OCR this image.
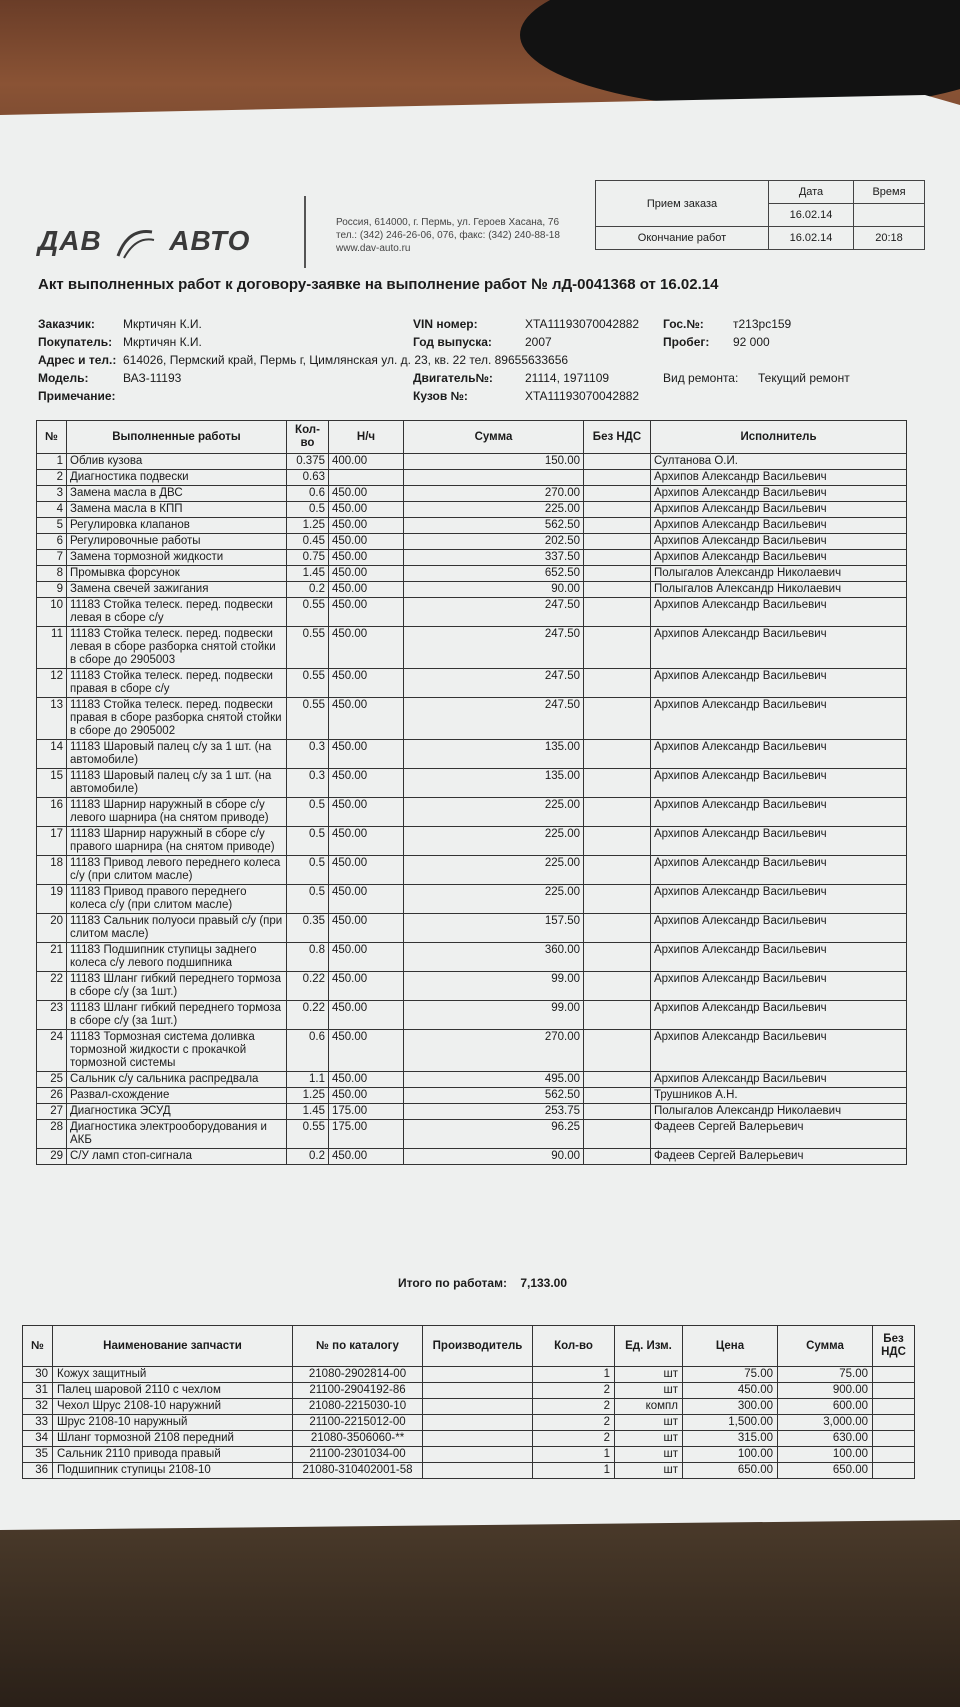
ДАВ АВТО
Россия, 614000, г. Пермь, ул. Героев Хасана, 76
тел.: (342) 246-26-06, 076, факс: (342) 240-88-18
www.dav-auto.ru
Прием заказа	Дата	Время
	16.02.14	
Окончание работ	16.02.14	20:18
Акт выполненных работ к договору-заявке на выполнение работ № лД-0041368 от 16.02.14
Заказчик: Мкртичян К.И.
Покупатель: Мкртичян К.И.
Адрес и тел.: 614026, Пермский край, Пермь г, Цимлянская ул. д. 23, кв. 22 тел. 89655633656
Модель:	ВАЗ-11193
Примечание:
VIN номер:	XTA11193070042882
Год выпуска:	2007
Двигатель№:	21114, 1971109
Кузов №:	XTA11193070042882
Гос.№: т213рс159
Пробег: 92 000
Вид ремонта: Текущий ремонт
№	Выполненные работы	Кол-во	Н/ч	Сумма	Без НДС	Исполнитель
1	Облив кузова	0.375	400.00	150.00		Султанова О.И.
2	Диагностика подвески	0.63				Архипов Александр Васильевич
3	Замена масла в ДВС	0.6	450.00	270.00		Архипов Александр Васильевич
4	Замена масла в КПП	0.5	450.00	225.00		Архипов Александр Васильевич
5	Регулировка клапанов	1.25	450.00	562.50		Архипов Александр Васильевич
6	Регулировочные работы	0.45	450.00	202.50		Архипов Александр Васильевич
7	Замена тормозной жидкости	0.75	450.00	337.50		Архипов Александр Васильевич
8	Промывка форсунок	1.45	450.00	652.50		Полыгалов Александр Николаевич
9	Замена свечей зажигания	0.2	450.00	90.00		Полыгалов Александр Николаевич
10	11183 Стойка телеск. перед. подвески левая в сборе с/у	0.55	450.00	247.50		Архипов Александр Васильевич
11	11183 Стойка телеск. перед. подвески левая в сборе разборка снятой стойки в сборе до 2905003	0.55	450.00	247.50		Архипов Александр Васильевич
12	11183 Стойка телеск. перед. подвески правая в сборе с/у	0.55	450.00	247.50		Архипов Александр Васильевич
13	11183 Стойка телеск. перед. подвески правая в сборе разборка снятой стойки в сборе до 2905002	0.55	450.00	247.50		Архипов Александр Васильевич
14	11183 Шаровый палец с/у за 1 шт. (на автомобиле)	0.3	450.00	135.00		Архипов Александр Васильевич
15	11183 Шаровый палец с/у за 1 шт. (на автомобиле)	0.3	450.00	135.00		Архипов Александр Васильевич
16	11183 Шарнир наружный в сборе с/у левого шарнира (на снятом приводе)	0.5	450.00	225.00		Архипов Александр Васильевич
17	11183 Шарнир наружный в сборе с/у правого шарнира (на снятом приводе)	0.5	450.00	225.00		Архипов Александр Васильевич
18	11183 Привод левого переднего колеса с/у (при слитом масле)	0.5	450.00	225.00		Архипов Александр Васильевич
19	11183 Привод правого переднего колеса с/у (при слитом масле)	0.5	450.00	225.00		Архипов Александр Васильевич
20	11183 Сальник полуоси правый с/у (при слитом масле)	0.35	450.00	157.50		Архипов Александр Васильевич
21	11183 Подшипник ступицы заднего колеса с/у левого подшипника	0.8	450.00	360.00		Архипов Александр Васильевич
22	11183 Шланг гибкий переднего тормоза в сборе с/у (за 1шт.)	0.22	450.00	99.00		Архипов Александр Васильевич
23	11183 Шланг гибкий переднего тормоза в сборе с/у (за 1шт.)	0.22	450.00	99.00		Архипов Александр Васильевич
24	11183 Тормозная система доливка тормозной жидкости с прокачкой тормозной системы	0.6	450.00	270.00		Архипов Александр Васильевич
25	Сальник с/у сальника распредвала	1.1	450.00	495.00		Архипов Александр Васильевич
26	Развал-схождение	1.25	450.00	562.50		Трушников А.Н.
27	Диагностика ЭСУД	1.45	175.00	253.75		Полыгалов Александр Николаевич
28	Диагностика электрооборудования и АКБ	0.55	175.00	96.25		Фадеев Сергей Валерьевич
29	С/У ламп стоп-сигнала	0.2	450.00	90.00		Фадеев Сергей Валерьевич
Итого по работам: 7,133.00
№	Наименование запчасти	№ по каталогу	Производитель	Кол-во	Ед. Изм.	Цена	Сумма	Без НДС
30	Кожух защитный	21080-2902814-00		1	шт	75.00	75.00	
31	Палец шаровой 2110 с чехлом	21100-2904192-86		2	шт	450.00	900.00	
32	Чехол Шрус 2108-10 наружний	21080-2215030-10		2	компл	300.00	600.00	
33	Шрус 2108-10 наружный	21100-2215012-00		2	шт	1,500.00	3,000.00	
34	Шланг тормозной 2108 передний	21080-3506060-**		2	шт	315.00	630.00	
35	Сальник 2110 привода правый	21100-2301034-00		1	шт	100.00	100.00	
36	Подшипник ступицы 2108-10	21080-310402001-58		1	шт	650.00	650.00	
